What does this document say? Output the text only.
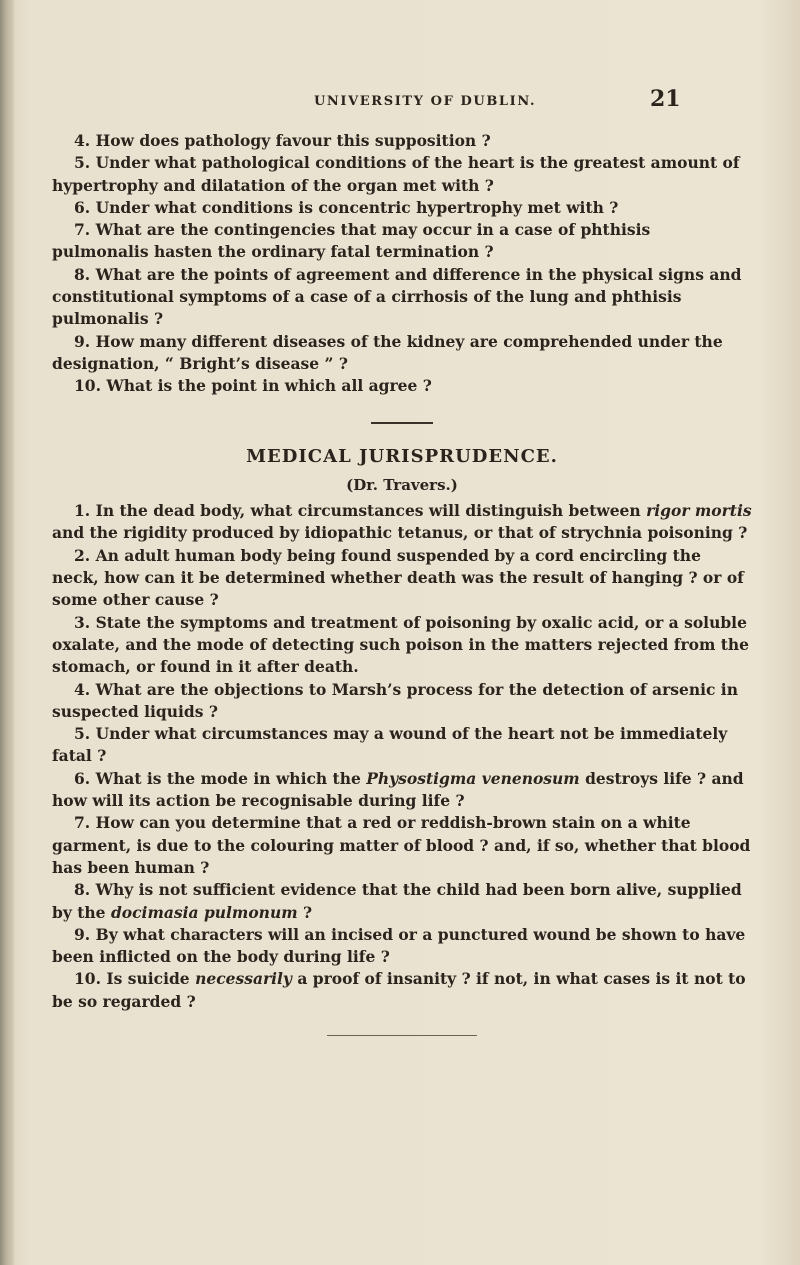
UNIVERSITY OF DUBLIN.	21

4. How does pathology favour this supposition ?

5. Under what pathological conditions of the heart is the greatest amount of hypertrophy and dilatation of the organ met with ?

6. Under what conditions is concentric hypertrophy met with ?

7. What are the contingencies that may occur in a case of phthisis pulmonalis hasten the ordinary fatal termination ?

8. What are the points of agreement and difference in the physical signs and constitutional symptoms of a case of a cirrhosis of the lung and phthisis pulmonalis ?

9. How many different diseases of the kidney are comprehended under the designation, “ Bright’s disease ” ?

10. What is the point in which all agree ?

MEDICAL JURISPRUDENCE.

(Dr. Travers.)

1. In the dead body, what circumstances will distinguish between rigor mortis and the rigidity produced by idiopathic tetanus, or that of strychnia poisoning ?

2. An adult human body being found suspended by a cord encircling the neck, how can it be determined whether death was the result of hanging ? or of some other cause ?

3. State the symptoms and treatment of poisoning by oxalic acid, or a soluble oxalate, and the mode of detecting such poison in the matters rejected from the stomach, or found in it after death.

4. What are the objections to Marsh’s process for the detection of arsenic in suspected liquids ?

5. Under what circumstances may a wound of the heart not be immediately fatal ?

6. What is the mode in which the Physostigma venenosum destroys life ? and how will its action be recognisable during life ?

7. How can you determine that a red or reddish-brown stain on a white garment, is due to the colouring matter of blood ? and, if so, whether that blood has been human ?

8. Why is not sufficient evidence that the child had been born alive, supplied by the docimasia pulmonum ?

9. By what characters will an incised or a punctured wound be shown to have been inflicted on the body during life ?

10. Is suicide necessarily a proof of insanity ? if not, in what cases is it not to be so regarded ?
